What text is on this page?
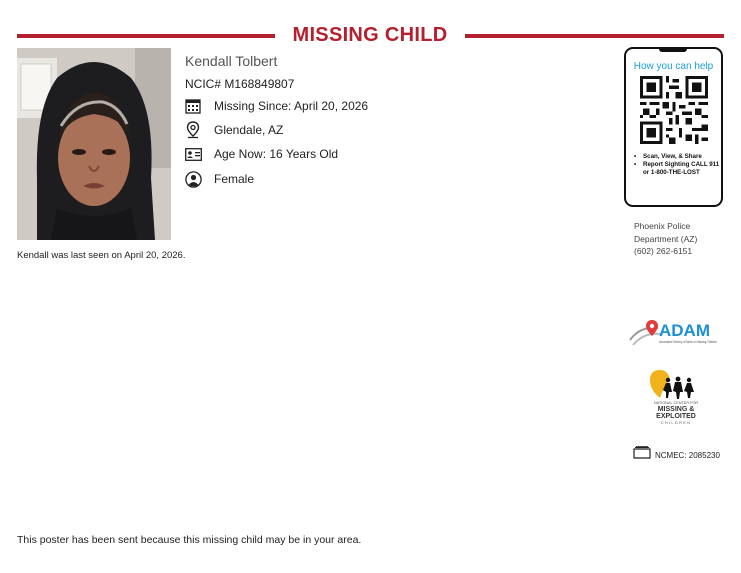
MISSING CHILD
Kendall Tolbert
NCIC# M168849807
Missing Since: April 20, 2026
Glendale, AZ
Age Now: 16 Years Old
Female
Kendall was last seen on April 20, 2026.
How you can help
• Scan, View, & Share
• Report Sighting CALL 911 or 1-800-THE-LOST
Phoenix Police
Department (AZ)
(602) 262-6151
ADAM
Automated Delivery of Alerts on Missing Children
NATIONAL CENTER FOR
MISSING &
EXPLOITED
CHILDREN
NCMEC: 2085230
This poster has been sent because this missing child may be in your area.
